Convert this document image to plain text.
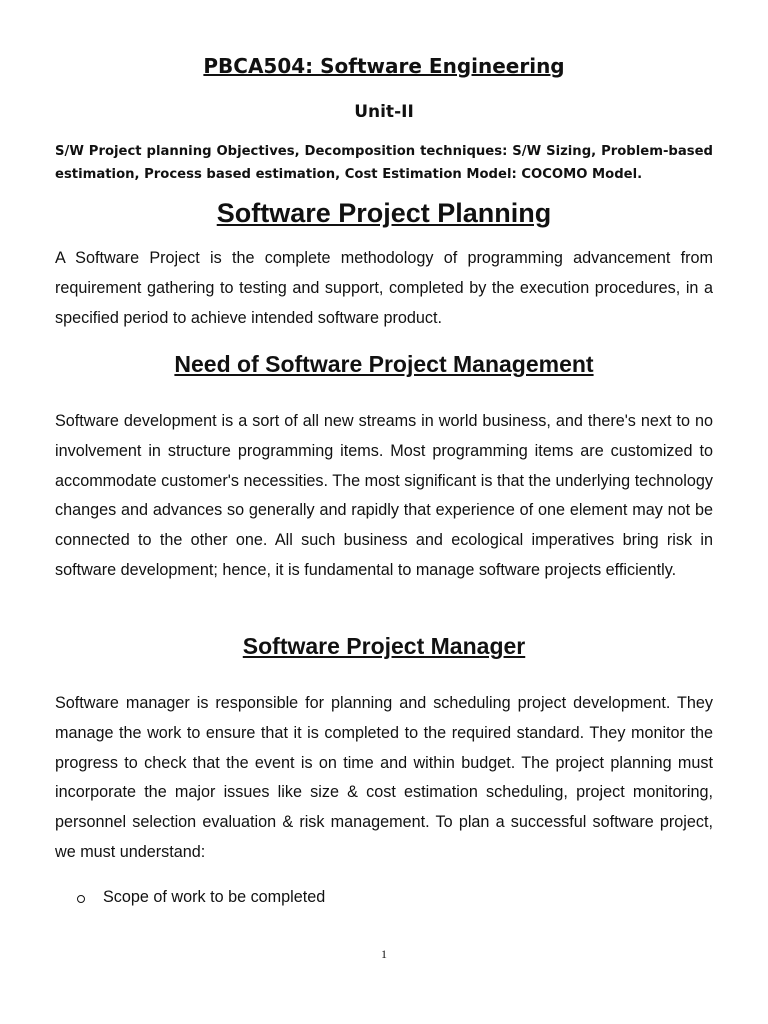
PBCA504: Software Engineering
Unit-II

S/W Project planning Objectives, Decomposition techniques: S/W Sizing, Problem-based estimation, Process based estimation, Cost Estimation Model: COCOMO Model.

Software Project Planning

A Software Project is the complete methodology of programming advancement from requirement gathering to testing and support, completed by the execution procedures, in a specified period to achieve intended software product.

Need of Software Project Management

Software development is a sort of all new streams in world business, and there's next to no involvement in structure programming items. Most programming items are customized to accommodate customer's necessities. The most significant is that the underlying technology changes and advances so generally and rapidly that experience of one element may not be connected to the other one. All such business and ecological imperatives bring risk in software development; hence, it is fundamental to manage software projects efficiently.

Software Project Manager

Software manager is responsible for planning and scheduling project development. They manage the work to ensure that it is completed to the required standard. They monitor the progress to check that the event is on time and within budget. The project planning must incorporate the major issues like size & cost estimation scheduling, project monitoring, personnel selection evaluation & risk management. To plan a successful software project, we must understand:

Scope of work to be completed
1
